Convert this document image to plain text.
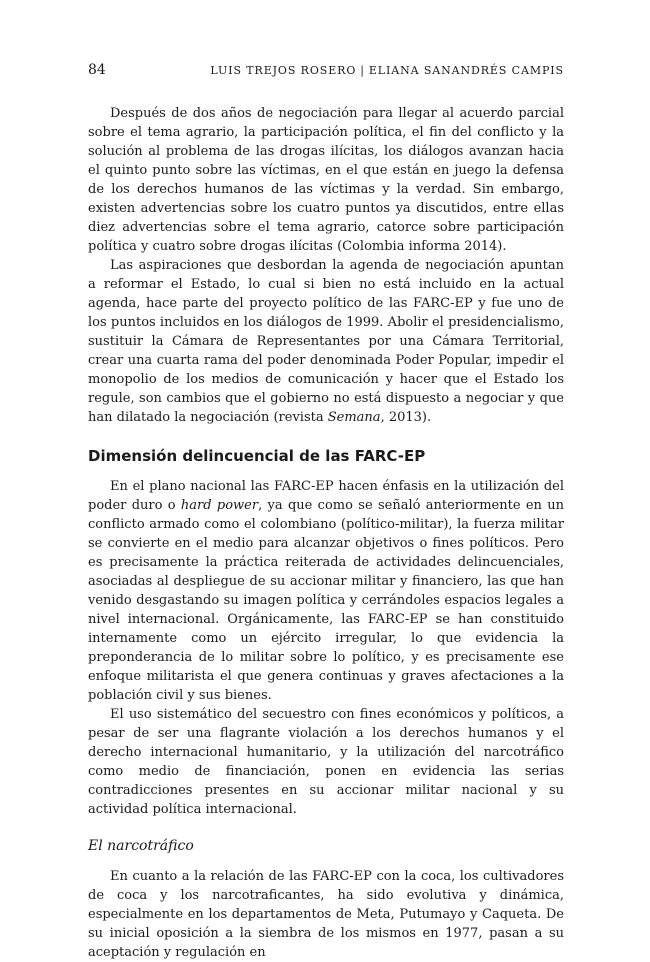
84	LUIS TREJOS ROSERO | ELIANA SANANDRÉS CAMPIS

Después de dos años de negociación para llegar al acuerdo parcial sobre el tema agrario, la participación política, el fin del conflicto y la solución al problema de las drogas ilícitas, los diálogos avanzan hacia el quinto punto sobre las víctimas, en el que están en juego la defensa de los derechos humanos de las víctimas y la verdad. Sin embargo, existen advertencias sobre los cuatro puntos ya discutidos, entre ellas diez advertencias sobre el tema agrario, catorce sobre participación política y cuatro sobre drogas ilícitas (Colombia informa 2014).

Las aspiraciones que desbordan la agenda de negociación apuntan a reformar el Estado, lo cual si bien no está incluido en la actual agenda, hace parte del proyecto político de las FARC-EP y fue uno de los puntos incluidos en los diálogos de 1999. Abolir el presidencialismo, sustituir la Cámara de Representantes por una Cámara Territorial, crear una cuarta rama del poder denominada Poder Popular, impedir el monopolio de los medios de comunicación y hacer que el Estado los regule, son cambios que el gobierno no está dispuesto a negociar y que han dilatado la negociación (revista Semana, 2013).

Dimensión delincuencial de las FARC-EP

En el plano nacional las FARC-EP hacen énfasis en la utilización del poder duro o hard power, ya que como se señaló anteriormente en un conflicto armado como el colombiano (político-militar), la fuerza militar se convierte en el medio para alcanzar objetivos o fines políticos. Pero es precisamente la práctica reiterada de actividades delincuenciales, asociadas al despliegue de su accionar militar y financiero, las que han venido desgastando su imagen política y cerrándoles espacios legales a nivel internacional. Orgánicamente, las FARC-EP se han constituido internamente como un ejército irregular, lo que evidencia la preponderancia de lo militar sobre lo político, y es precisamente ese enfoque militarista el que genera continuas y graves afectaciones a la población civil y sus bienes.

El uso sistemático del secuestro con fines económicos y políticos, a pesar de ser una flagrante violación a los derechos humanos y el derecho internacional humanitario, y la utilización del narcotráfico como medio de financiación, ponen en evidencia las serias contradicciones presentes en su accionar militar nacional y su actividad política internacional.

El narcotráfico

En cuanto a la relación de las FARC-EP con la coca, los cultivadores de coca y los narcotraficantes, ha sido evolutiva y dinámica, especialmente en los departamentos de Meta, Putumayo y Caqueta. De su inicial oposición a la siembra de los mismos en 1977, pasan a su aceptación y regulación en
